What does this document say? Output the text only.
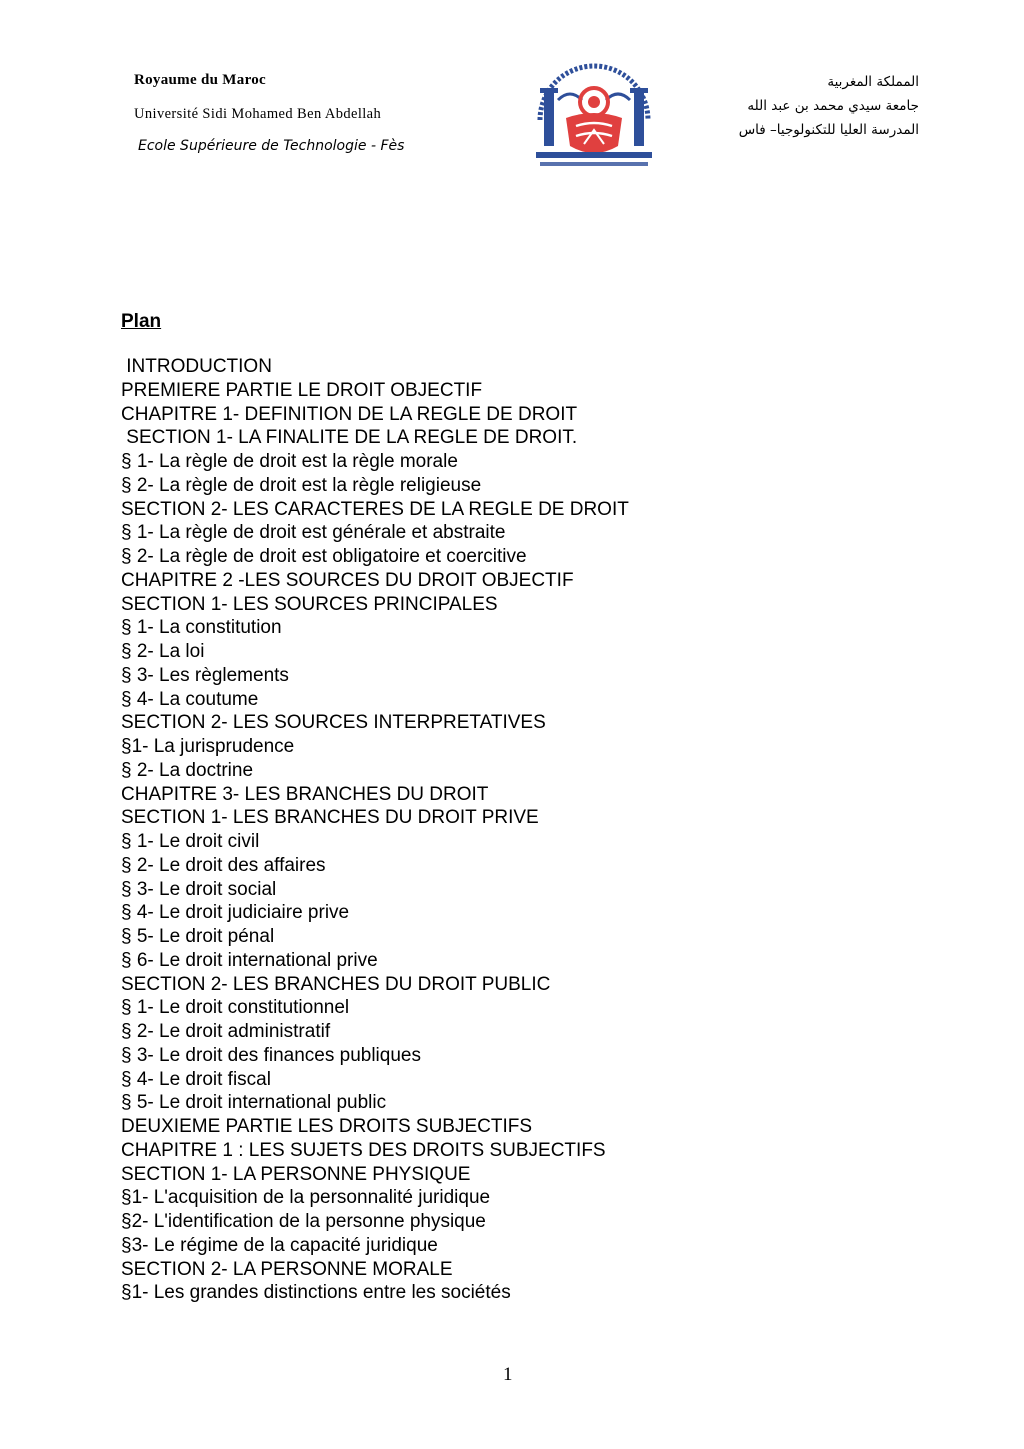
Royaume du Maroc
Université Sidi Mohamed Ben Abdellah
Ecole Supérieure de Technologie - Fès
المملكة المغربية
جامعة سيدي محمد بن عبد الله
المدرسة العليا للتكنولوجيا– فاس
Plan
INTRODUCTION
PREMIERE PARTIE LE DROIT OBJECTIF
CHAPITRE 1- DEFINITION DE LA REGLE DE DROIT
SECTION 1- LA FINALITE DE LA REGLE DE DROIT.
§ 1- La règle de droit est la règle morale
§ 2- La règle de droit est la règle religieuse
SECTION 2- LES CARACTERES DE LA REGLE DE DROIT
§ 1- La règle de droit est générale et abstraite
§ 2- La règle de droit est obligatoire et coercitive
CHAPITRE 2 -LES SOURCES DU DROIT OBJECTIF
SECTION 1- LES SOURCES PRINCIPALES
§ 1- La constitution
§ 2- La loi
§ 3- Les règlements
§ 4- La coutume
SECTION 2- LES SOURCES INTERPRETATIVES
§1- La jurisprudence
§ 2- La doctrine
CHAPITRE 3- LES BRANCHES DU DROIT
SECTION 1- LES BRANCHES DU DROIT PRIVE
§ 1- Le droit civil
§ 2- Le droit des affaires
§ 3- Le droit social
§ 4- Le droit judiciaire prive
§ 5- Le droit pénal
§ 6- Le droit international prive
SECTION 2- LES BRANCHES DU DROIT PUBLIC
§ 1- Le droit constitutionnel
§ 2- Le droit administratif
§ 3- Le droit des finances publiques
§ 4- Le droit fiscal
§ 5- Le droit international public
DEUXIEME PARTIE LES DROITS SUBJECTIFS
CHAPITRE 1 : LES SUJETS DES DROITS SUBJECTIFS
SECTION 1- LA PERSONNE PHYSIQUE
§1- L'acquisition de la personnalité juridique
§2- L'identification de la personne physique
§3- Le régime de la capacité juridique
SECTION 2- LA PERSONNE MORALE
§1- Les grandes distinctions entre les sociétés
1
